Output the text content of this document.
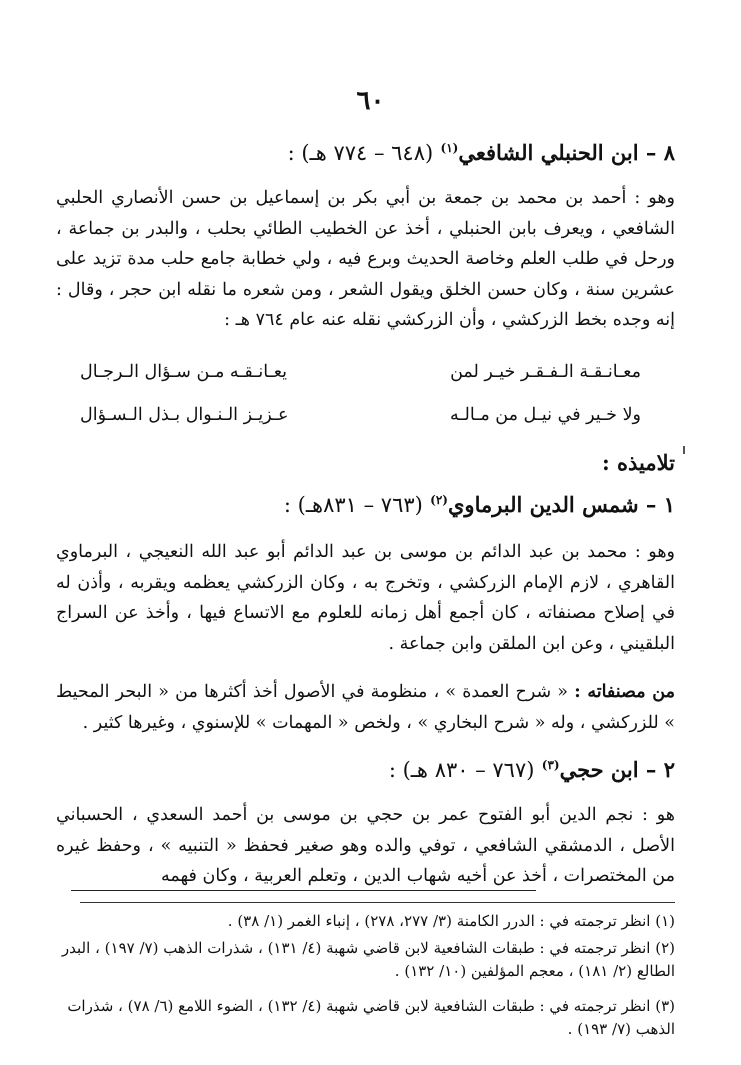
٦٠
٨ – ابن الحنبلي الشافعي$^{(١)}$ (٦٤٨ – ٧٧٤ هـ) :
وهو : أحمد بن محمد بن جمعة بن أبي بكر بن إسماعيل بن حسن الأنصاري الحلبي الشافعي ، ويعرف بابن الحنبلي ، أخذ عن الخطيب الطائي بحلب ، والبدر بن جماعة ، ورحل في طلب العلم وخاصة الحديث وبرع فيه ، ولي خطابة جامع حلب مدة تزيد على عشرين سنة ، وكان حسن الخلق ويقول الشعر ، ومن شعره ما نقله ابن حجر ، وقال : إنه وجده بخط الزركشي ، وأن الزركشي نقله عنه عام ٧٦٤ هـ :
معـانـقـة الـفـقـر خيـر لمن
يعـانـقـه مـن سـؤال الـرجـال
ولا خـير في نيـل من مـالـه
عـزيـز الـنـوال بـذل الـسـؤال
تلاميذه :
١ – شمس الدين البرماوي$^{(٢)}$ (٧٦٣ – ٨٣١هـ) :
وهو : محمد بن عبد الدائم بن موسى بن عبد الدائم أبو عبد الله النعيجي ، البرماوي القاهري ، لازم الإمام الزركشي ، وتخرج به ، وكان الزركشي يعظمه ويقربه ، وأذن له في إصلاح مصنفاته ، كان أجمع أهل زمانه للعلوم مع الاتساع فيها ، وأخذ عن السراج البلقيني ، وعن ابن الملقن وابن جماعة .
من مصنفاته : « شرح العمدة » ، منظومة في الأصول أخذ أكثرها من « البحر المحيط » للزركشي ، وله « شرح البخاري » ، ولخص « المهمات » للإسنوي ، وغيرها كثير .
٢ – ابن حجي$^{(٣)}$ (٧٦٧ – ٨٣٠ هـ) :
هو : نجم الدين أبو الفتوح عمر بن حجي بن موسى بن أحمد السعدي ، الحسباني الأصل ، الدمشقي الشافعي ، توفي والده وهو صغير فحفظ « التنبيه » ، وحفظ غيره من المختصرات ، أخذ عن أخيه شهاب الدين ، وتعلم العربية ، وكان فهمه
(١) انظر ترجمته في : الدرر الكامنة (٣/ ٢٧٧، ٢٧٨) ، إنباء الغمر (١/ ٣٨) .
(٢) انظر ترجمته في : طبقات الشافعية لابن قاضي شهبة (٤/ ١٣١) ، شذرات الذهب (٧/ ١٩٧) ، البدر الطالع (٢/ ١٨١) ، معجم المؤلفين (١٠/ ١٣٢) .
(٣) انظر ترجمته في : طبقات الشافعية لابن قاضي شهبة (٤/ ١٣٢) ، الضوء اللامع (٦/ ٧٨) ، شذرات الذهب (٧/ ١٩٣) .
